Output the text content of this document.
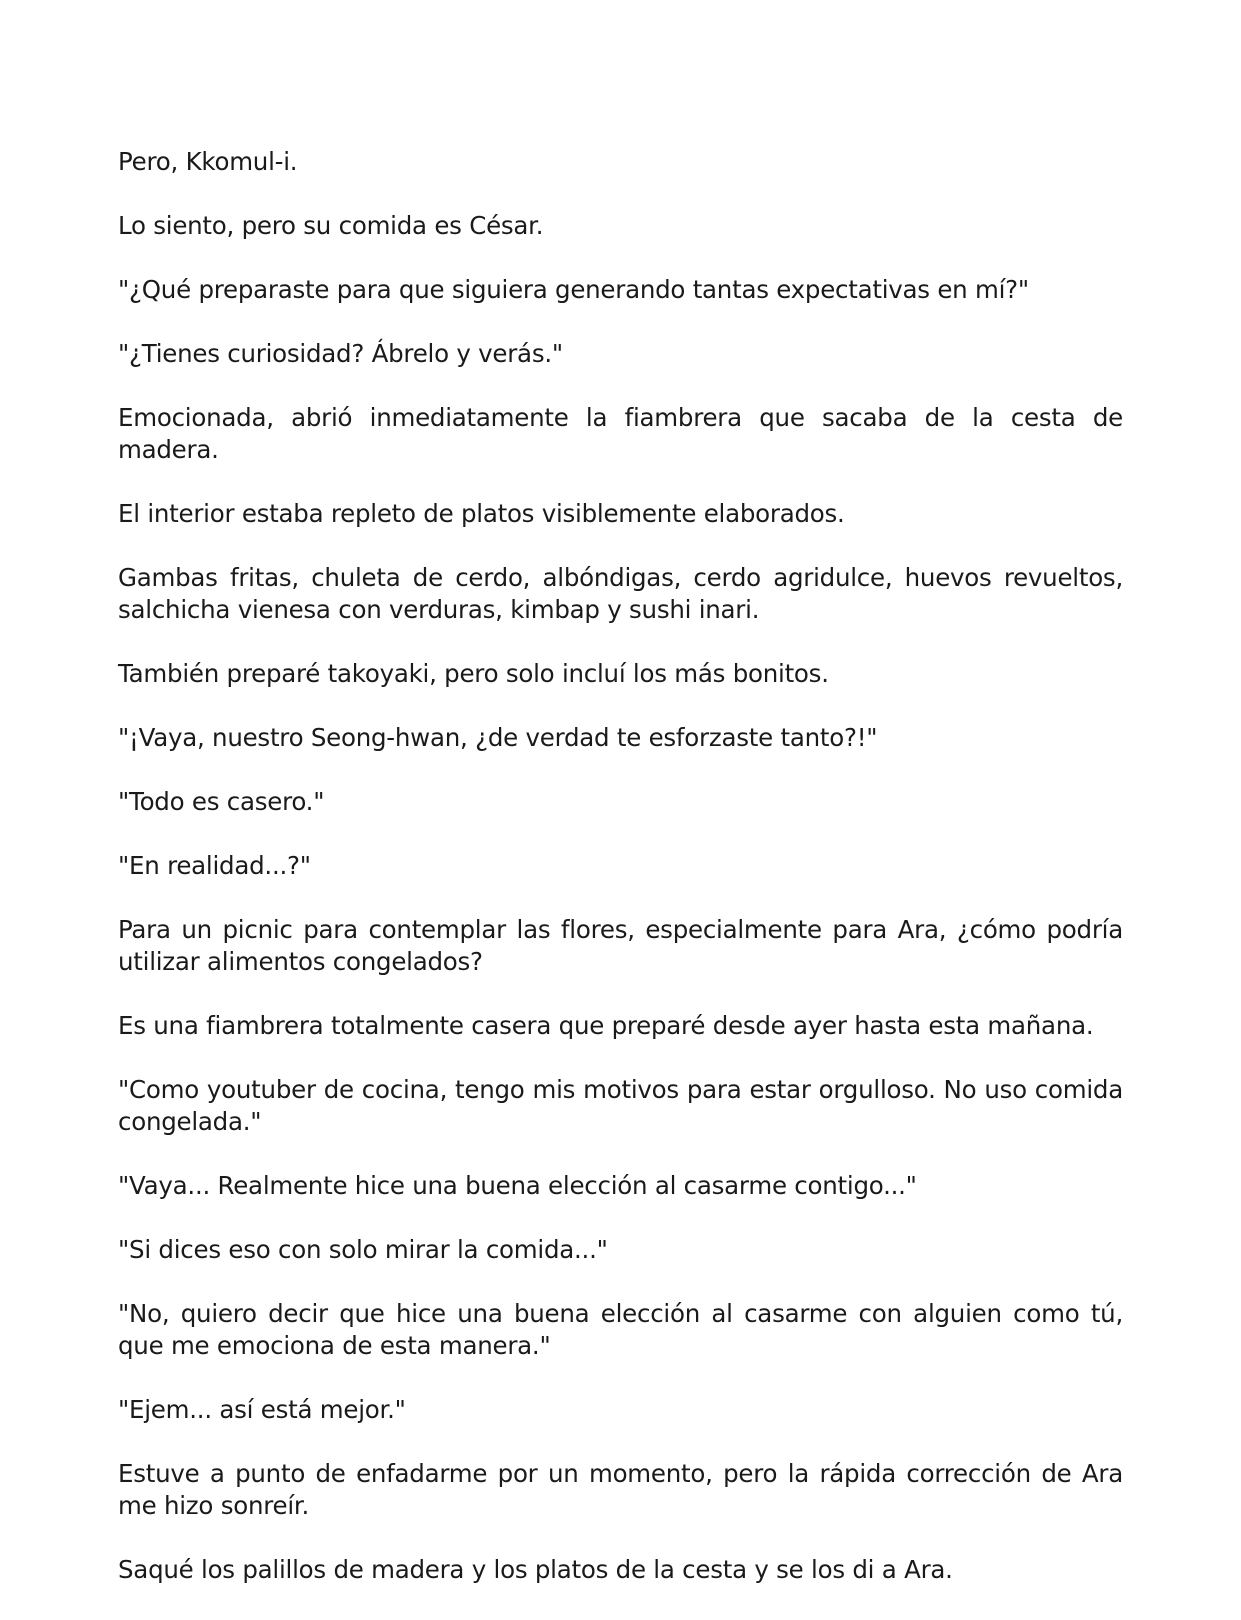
Pero, Kkomul-i.

Lo siento, pero su comida es César.

"¿Qué preparaste para que siguiera generando tantas expectativas en mí?"

"¿Tienes curiosidad? Ábrelo y verás."

Emocionada, abrió inmediatamente la fiambrera que sacaba de la cesta de madera.

El interior estaba repleto de platos visiblemente elaborados.

Gambas fritas, chuleta de cerdo, albóndigas, cerdo agridulce, huevos revueltos, salchicha vienesa con verduras, kimbap y sushi inari.

También preparé takoyaki, pero solo incluí los más bonitos.

"¡Vaya, nuestro Seong-hwan, ¿de verdad te esforzaste tanto?!"

"Todo es casero."

"En realidad...?"

Para un picnic para contemplar las flores, especialmente para Ara, ¿cómo podría utilizar alimentos congelados?

Es una fiambrera totalmente casera que preparé desde ayer hasta esta mañana.

"Como youtuber de cocina, tengo mis motivos para estar orgulloso. No uso comida congelada."

"Vaya... Realmente hice una buena elección al casarme contigo..."

"Si dices eso con solo mirar la comida..."

"No, quiero decir que hice una buena elección al casarme con alguien como tú, que me emociona de esta manera."

"Ejem... así está mejor."

Estuve a punto de enfadarme por un momento, pero la rápida corrección de Ara me hizo sonreír.

Saqué los palillos de madera y los platos de la cesta y se los di a Ara.
